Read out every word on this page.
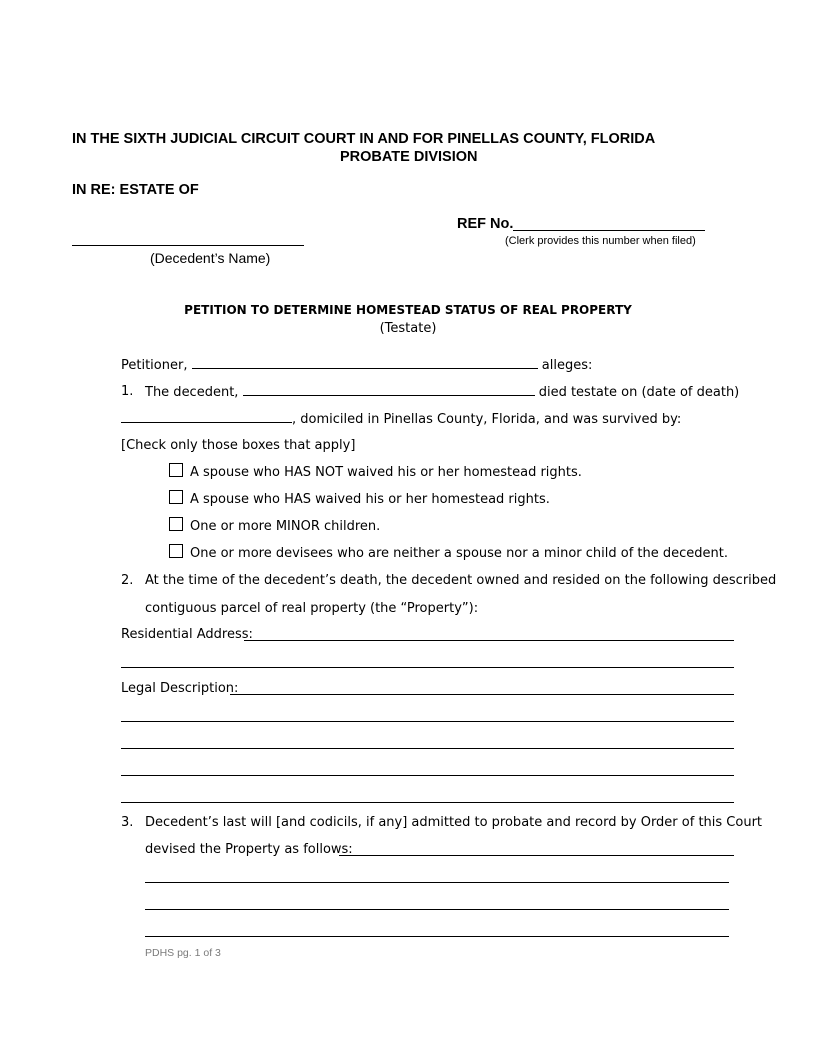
IN THE SIXTH JUDICIAL CIRCUIT COURT IN AND FOR PINELLAS COUNTY, FLORIDA
PROBATE DIVISION
IN RE: ESTATE OF
REF No.
(Clerk provides this number when filed)
(Decedent’s Name)
PETITION TO DETERMINE HOMESTEAD STATUS OF REAL PROPERTY
(Testate)
Petitioner,	alleges:
1. The decedent,	died testate on (date of death)
, domiciled in Pinellas County, Florida, and was survived by:
[Check only those boxes that apply]
A spouse who HAS NOT waived his or her homestead rights.
A spouse who HAS waived his or her homestead rights.
One or more MINOR children.
One or more devisees who are neither a spouse nor a minor child of the decedent.
2. At the time of the decedent’s death, the decedent owned and resided on the following described
contiguous parcel of real property (the “Property”):
Residential Address:
Legal Description:
3. Decedent’s last will [and codicils, if any] admitted to probate and record by Order of this Court
devised the Property as follows:
PDHS pg. 1 of 3
